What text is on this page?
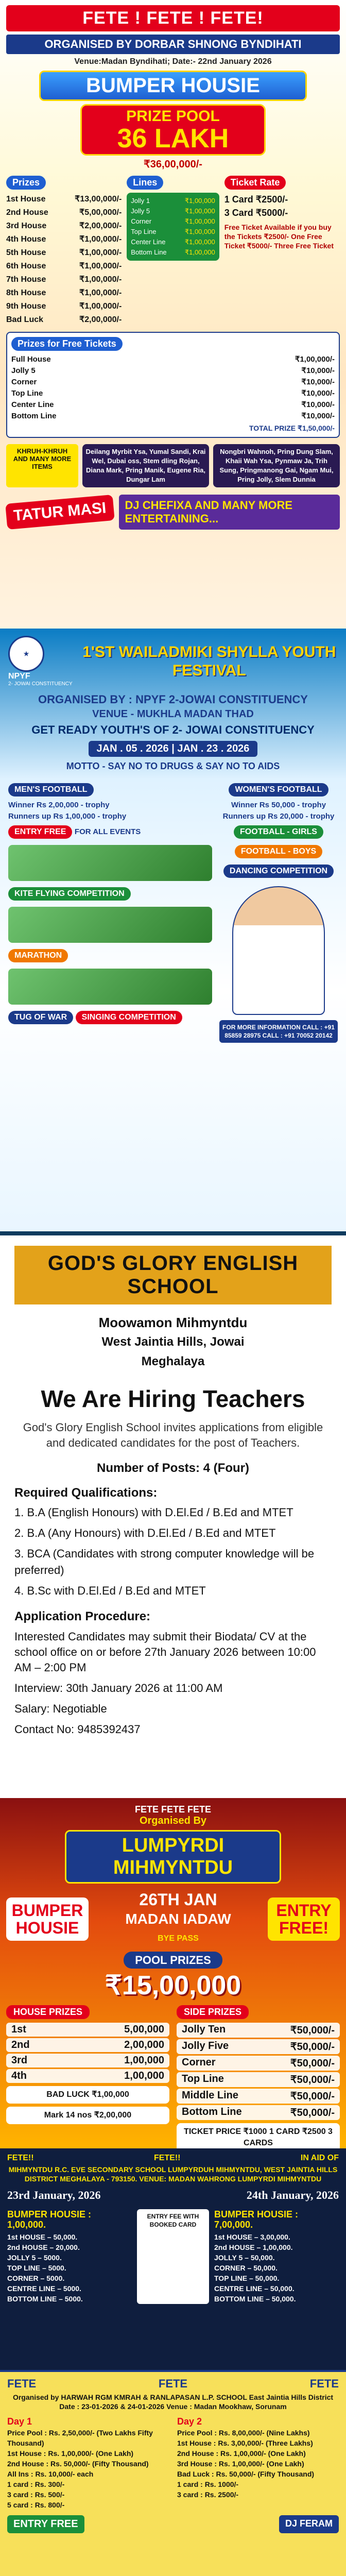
FETE ! FETE ! FETE!
ORGANISED BY DORBAR SHNONG BYNDIHATI
Venue:Madan Byndihati; Date:- 22nd January 2026
BUMPER HOUSIE
PRIZE POOL
36 LAKH
₹36,00,000/-
Prizes
1st House	₹13,00,000/-
2nd House	₹5,00,000/-
3rd House	₹2,00,000/-
4th House	₹1,00,000/-
5th House	₹1,00,000/-
6th House	₹1,00,000/-
7th House	₹1,00,000/-
8th House	₹1,00,000/-
9th House	₹1,00,000/-
Bad Luck	₹2,00,000/-
Lines
Jolly 1	₹1,00,000
Jolly 5	₹1,00,000
Corner	₹1,00,000
Top Line	₹1,00,000
Center Line	₹1,00,000
Bottom Line	₹1,00,000
Ticket Rate
1 Card ₹2500/-
3 Card ₹5000/-
Free Ticket Available if you buy the Tickets ₹2500/- One Free Ticket ₹5000/- Three Free Ticket
Prizes for Free Tickets
Full House	₹1,00,000/-
Jolly 5	₹10,000/-
Corner	₹10,000/-
Top Line	₹10,000/-
Center Line	₹10,000/-
Bottom Line	₹10,000/-
TOTAL PRIZE ₹1,50,000/-
KHRUH-KHRUH AND MANY MORE ITEMS
Deilang Myrbit Ysa, Yumal Sandi, Krai Wel, Dubai oss, Stem dling Rojan, Diana Mark, Pring Manik, Eugene Ria, Dungar Lam
Nongbri Wahnoh, Pring Dung Slam, Khaii Wah Ysa, Pynmaw Ja, Trih Sung, Pringmanong Gai, Ngam Mui, Pring Jolly, Slem Dunnia
TATUR MASI	DJ CHEFIXA AND MANY MORE ENTERTAINING...
★
NPYF
2- JOWAI CONSTITUENCY
1'ST WAILADMIKI SHYLLA YOUTH FESTIVAL
ORGANISED BY : NPYF 2-JOWAI CONSTITUENCY
VENUE - MUKHLA MADAN THAD
GET READY YOUTH'S OF 2- JOWAI CONSTITUENCY
JAN . 05 . 2026 | JAN . 23 . 2026
MOTTO - SAY NO TO DRUGS & SAY NO TO AIDS
MEN'S FOOTBALL
Winner Rs 2,00,000 - trophy
Runners up Rs 1,00,000 - trophy
ENTRY FREE FOR ALL EVENTS
KITE FLYING COMPETITION
MARATHON
TUG OF WAR SINGING COMPETITION
WOMEN'S FOOTBALL
Winner Rs 50,000 - trophy
Runners up Rs 20,000 - trophy
FOOTBALL - GIRLS
FOOTBALL - BOYS
DANCING COMPETITION
FOR MORE INFORMATION CALL : +91 85859 28975 CALL : +91 70052 20142
GOD'S GLORY ENGLISH SCHOOL
Moowamon Mihmyntdu
West Jaintia Hills, Jowai
Meghalaya
We Are Hiring Teachers
God's Glory English School invites applications from eligible and dedicated candidates for the post of Teachers.
Number of Posts: 4 (Four)
Required Qualifications:
1. B.A (English Honours) with D.El.Ed / B.Ed and MTET
2. B.A (Any Honours) with D.El.Ed / B.Ed and MTET
3. BCA (Candidates with strong computer knowledge will be preferred)
4. B.Sc with D.El.Ed / B.Ed and MTET
Application Procedure:
Interested Candidates may submit their Biodata/ CV at the school office on or before 27th January 2026 between 10:00 AM – 2:00 PM
Interview: 30th January 2026 at 11:00 AM
Salary: Negotiable
Contact No: 9485392437
FETE FETE FETE
Organised By
LUMPYRDI MIHMYNTDU
BUMPER HOUSIE
26TH JAN
MADAN IADAW
BYE PASS
ENTRY FREE!
POOL PRIZES
₹15,00,000
HOUSE PRIZES
1st	5,00,000
2nd	2,00,000
3rd	1,00,000
4th	1,00,000
BAD LUCK ₹1,00,000
Mark 14 nos ₹2,00,000
SIDE PRIZES
Jolly Ten	₹50,000/-
Jolly Five	₹50,000/-
Corner	₹50,000/-
Top Line	₹50,000/-
Middle Line	₹50,000/-
Bottom Line	₹50,000/-
TICKET PRICE ₹1000 1 CARD ₹2500 3 CARDS
FETE!!	FETE!!	IN AID OF
MIHMYNTDU R.C. EVE SECONDARY SCHOOL LUMPYRDUH MIHMYNTDU, WEST JAINTIA HILLS DISTRICT MEGHALAYA - 793150. VENUE: MADAN WAHRONG LUMPYRDI MIHMYNTDU
23rd January, 2026	24th January, 2026
BUMPER HOUSIE : 1,00,000.
1st HOUSE – 50,000.
2nd HOUSE – 20,000.
JOLLY 5 – 5000.
TOP LINE – 5000.
CORNER – 5000.
CENTRE LINE – 5000.
BOTTOM LINE – 5000.
ENTRY FEE WITH BOOKED CARD
BUMPER HOUSIE : 7,00,000.
1st HOUSE – 3,00,000.
2nd HOUSE – 1,00,000.
JOLLY 5 – 50,000.
CORNER – 50,000.
TOP LINE – 50,000.
CENTRE LINE – 50,000.
BOTTOM LINE – 50,000.
FETE	FETE	FETE
Organised by HARWAH RGM KMRAH & RANLAPASAN L.P. SCHOOL East Jaintia Hills District Date : 23-01-2026 & 24-01-2026 Venue : Madan Mookhaw, Sorunam
Day 1
Price Pool : Rs. 2,50,000/- (Two Lakhs Fifty Thousand)
1st House : Rs. 1,00,000/- (One Lakh)
2nd House : Rs. 50,000/- (Fifty Thousand)
All Ins : Rs. 10,000/- each
1 card : Rs. 300/-
3 card : Rs. 500/-
5 card : Rs. 800/-
Day 2
Price Pool : Rs. 8,00,000/- (Nine Lakhs)
1st House : Rs. 3,00,000/- (Three Lakhs)
2nd House : Rs. 1,00,000/- (One Lakh)
3rd House : Rs. 1,00,000/- (One Lakh)
Bad Luck : Rs. 50,000/- (Fifty Thousand)
1 card : Rs. 1000/-
3 card : Rs. 2500/-
ENTRY FREE	DJ FERAM
